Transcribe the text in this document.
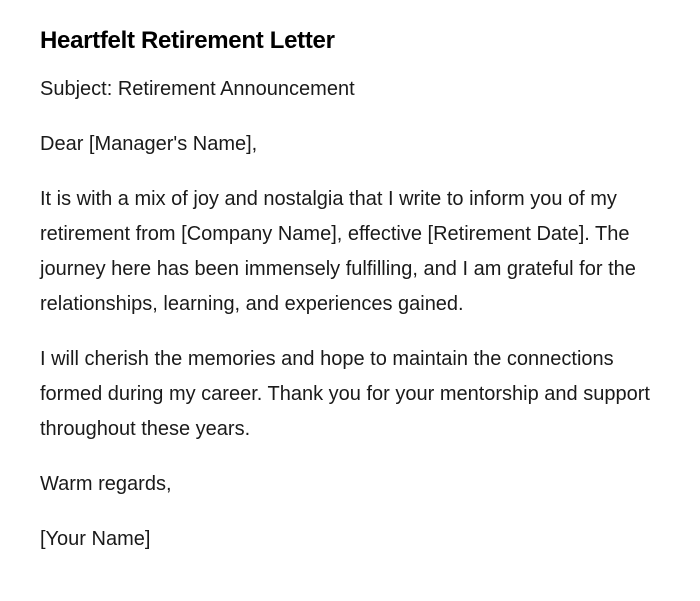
Heartfelt Retirement Letter

Subject: Retirement Announcement

Dear [Manager's Name],

It is with a mix of joy and nostalgia that I write to inform you of my retirement from [Company Name], effective [Retirement Date]. The journey here has been immensely fulfilling, and I am grateful for the relationships, learning, and experiences gained.

I will cherish the memories and hope to maintain the connections formed during my career. Thank you for your mentorship and support throughout these years.

Warm regards,

[Your Name]
